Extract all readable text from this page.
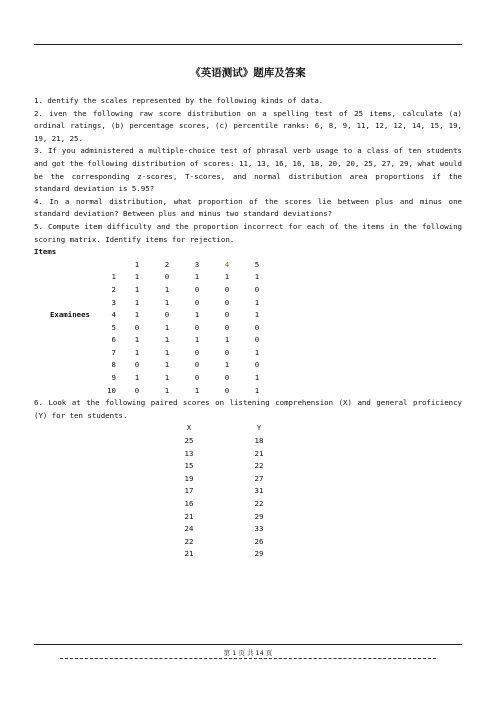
《英语测试》题库及答案

1. dentify the scales represented by the following kinds of data.

2. iven the following raw score distribution on a spelling test of 25 items, calculate (a) ordinal ratings, (b) percentage scores, (c) percentile ranks: 6, 8, 9, 11, 12, 12, 14, 15, 19, 19, 21, 25.

3. If you administered a multiple-choice test of phrasal verb usage to a class of ten students and got the following distribution of scores: 11, 13, 16, 16, 18, 20, 20, 25, 27, 29, what would be the corresponding z-scores, T-scores, and normal distribution area proportions if the standard deviation is 5.95?

4. In a normal distribution, what proportion of the scores lie between plus and minus one standard deviation? Between plus and minus two standard deviations?

5. Compute item difficulty and the proportion incorrect for each of the items in the following scoring matrix. Identify items for rejection.

Items

		1	2	3	4	5
	1	1	0	1	1	1
	2	1	1	0	0	0
	3	1	1	0	0	1
Examinees	4	1	0	1	0	1
	5	0	1	0	0	0
	6	1	1	1	1	0
	7	1	1	0	0	1
	8	0	1	0	1	0
	9	1	1	0	0	1
	10	0	1	1	0	1

6. Look at the following paired scores on listening comprehension (X) and general proficiency (Y) for ten students.

X	Y
25	18
13	21
15	22
19	27
17	31
16	22
21	29
24	33
22	26
21	29
第 1 页 共 14 页
